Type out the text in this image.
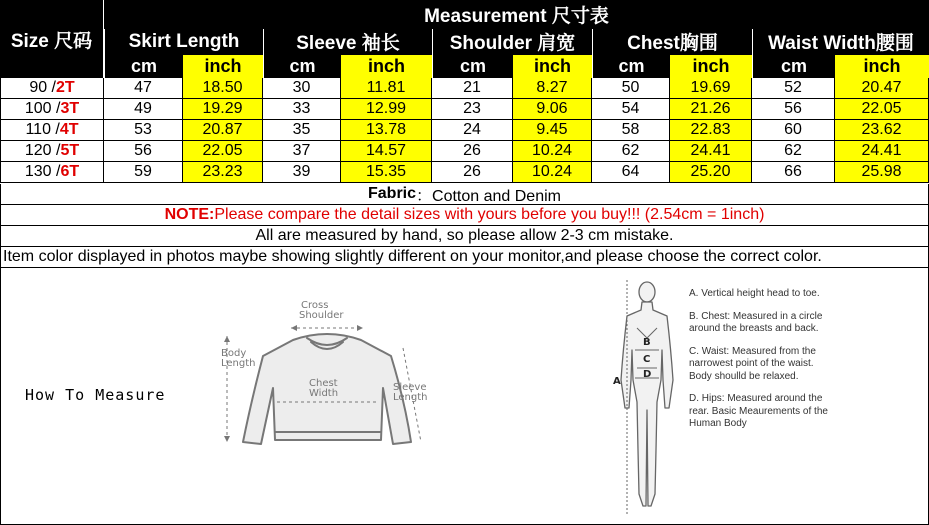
Size 尺码
Measurement 尺寸表
Skirt Length	Sleeve 袖长	Shoulder 肩宽	Chest胸围	Waist Width腰围
cm	inch	cm	inch	cm	inch	cm	inch	cm	inch
90 / 2T	47	18.50	30	11.81	21	8.27	50	19.69	52	20.47
100 / 3T	49	19.29	33	12.99	23	9.06	54	21.26	56	22.05
110 / 4T	53	20.87	35	13.78	24	9.45	58	22.83	60	23.62
120 / 5T	56	22.05	37	14.57	26	10.24	62	24.41	62	24.41
130 / 6T	59	23.23	39	15.35	26	10.24	64	25.20	66	25.98
Fabric ：Cotton and Denim
NOTE: Please compare the detail sizes with yours before you buy!!! (2.54cm = 1inch)
All are measured by hand, so please allow 2-3 cm mistake.
Item color displayed in photos maybe showing slightly different on your monitor,and please choose the correct color.
How To Measure
Cross
Shoulder
Body
Length
Chest
Width
Sleeve
Length
A
B
C
D
A. Vertical height head to toe.
B. Chest: Measured in a circle around the breasts and back.
C. Waist: Measured from the narrowest point of the waist. Body shoulld be relaxed.
D. Hips: Measured around the rear. Basic Meaurements of the Human Body
